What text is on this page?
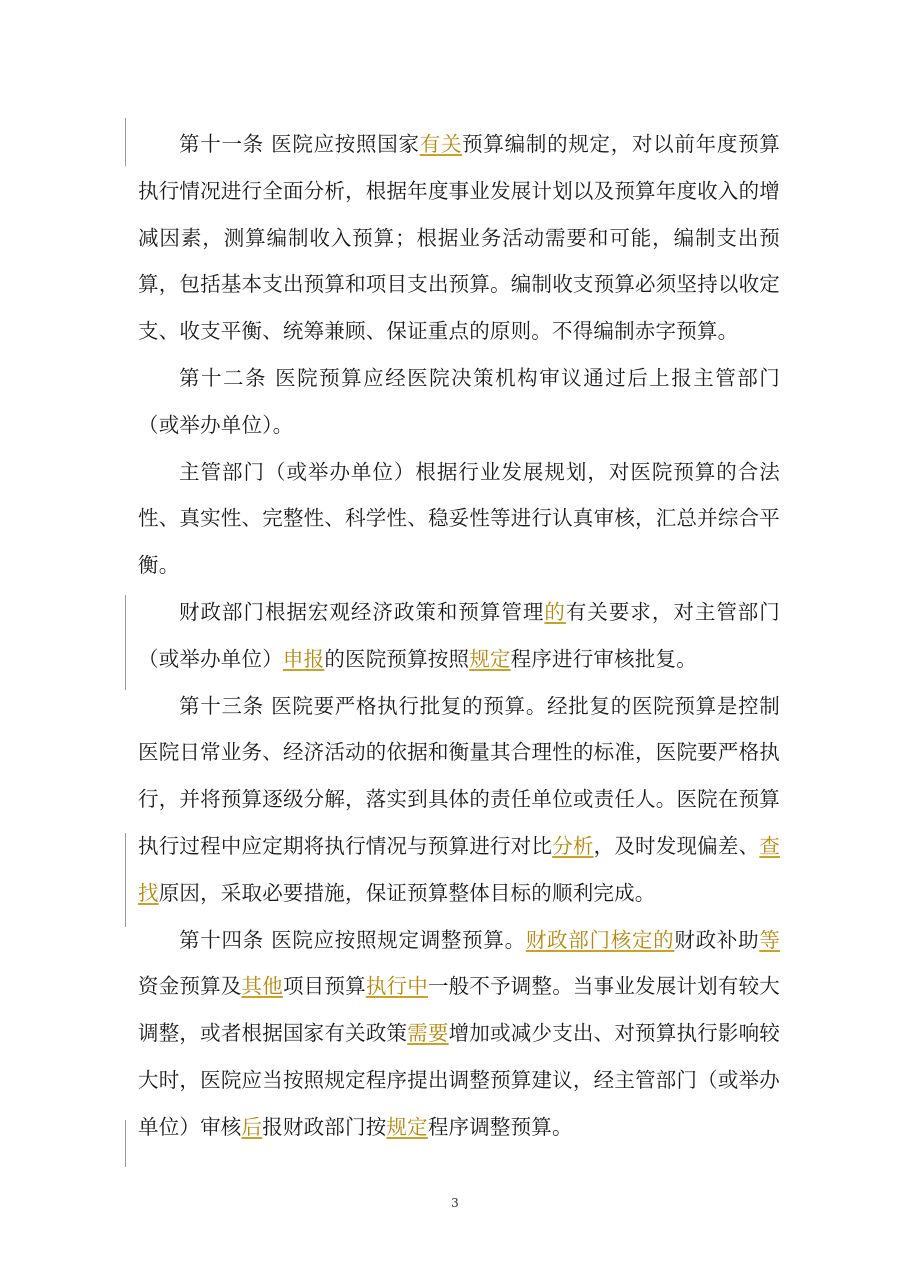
第十一条 医院应按照国家有关预算编制的规定，对以前年度预算执行情况进行全面分析，根据年度事业发展计划以及预算年度收入的增减因素，测算编制收入预算；根据业务活动需要和可能，编制支出预算，包括基本支出预算和项目支出预算。编制收支预算必须坚持以收定支、收支平衡、统筹兼顾、保证重点的原则。不得编制赤字预算。

第十二条 医院预算应经医院决策机构审议通过后上报主管部门（或举办单位）。

主管部门（或举办单位）根据行业发展规划，对医院预算的合法性、真实性、完整性、科学性、稳妥性等进行认真审核，汇总并综合平衡。

财政部门根据宏观经济政策和预算管理的有关要求，对主管部门（或举办单位）申报的医院预算按照规定程序进行审核批复。

第十三条 医院要严格执行批复的预算。经批复的医院预算是控制医院日常业务、经济活动的依据和衡量其合理性的标准，医院要严格执行，并将预算逐级分解，落实到具体的责任单位或责任人。医院在预算执行过程中应定期将执行情况与预算进行对比分析，及时发现偏差、查找原因，采取必要措施，保证预算整体目标的顺利完成。

第十四条 医院应按照规定调整预算。财政部门核定的财政补助等资金预算及其他项目预算执行中一般不予调整。当事业发展计划有较大调整，或者根据国家有关政策需要增加或减少支出、对预算执行影响较大时，医院应当按照规定程序提出调整预算建议，经主管部门（或举办单位）审核后报财政部门按规定程序调整预算。

3
